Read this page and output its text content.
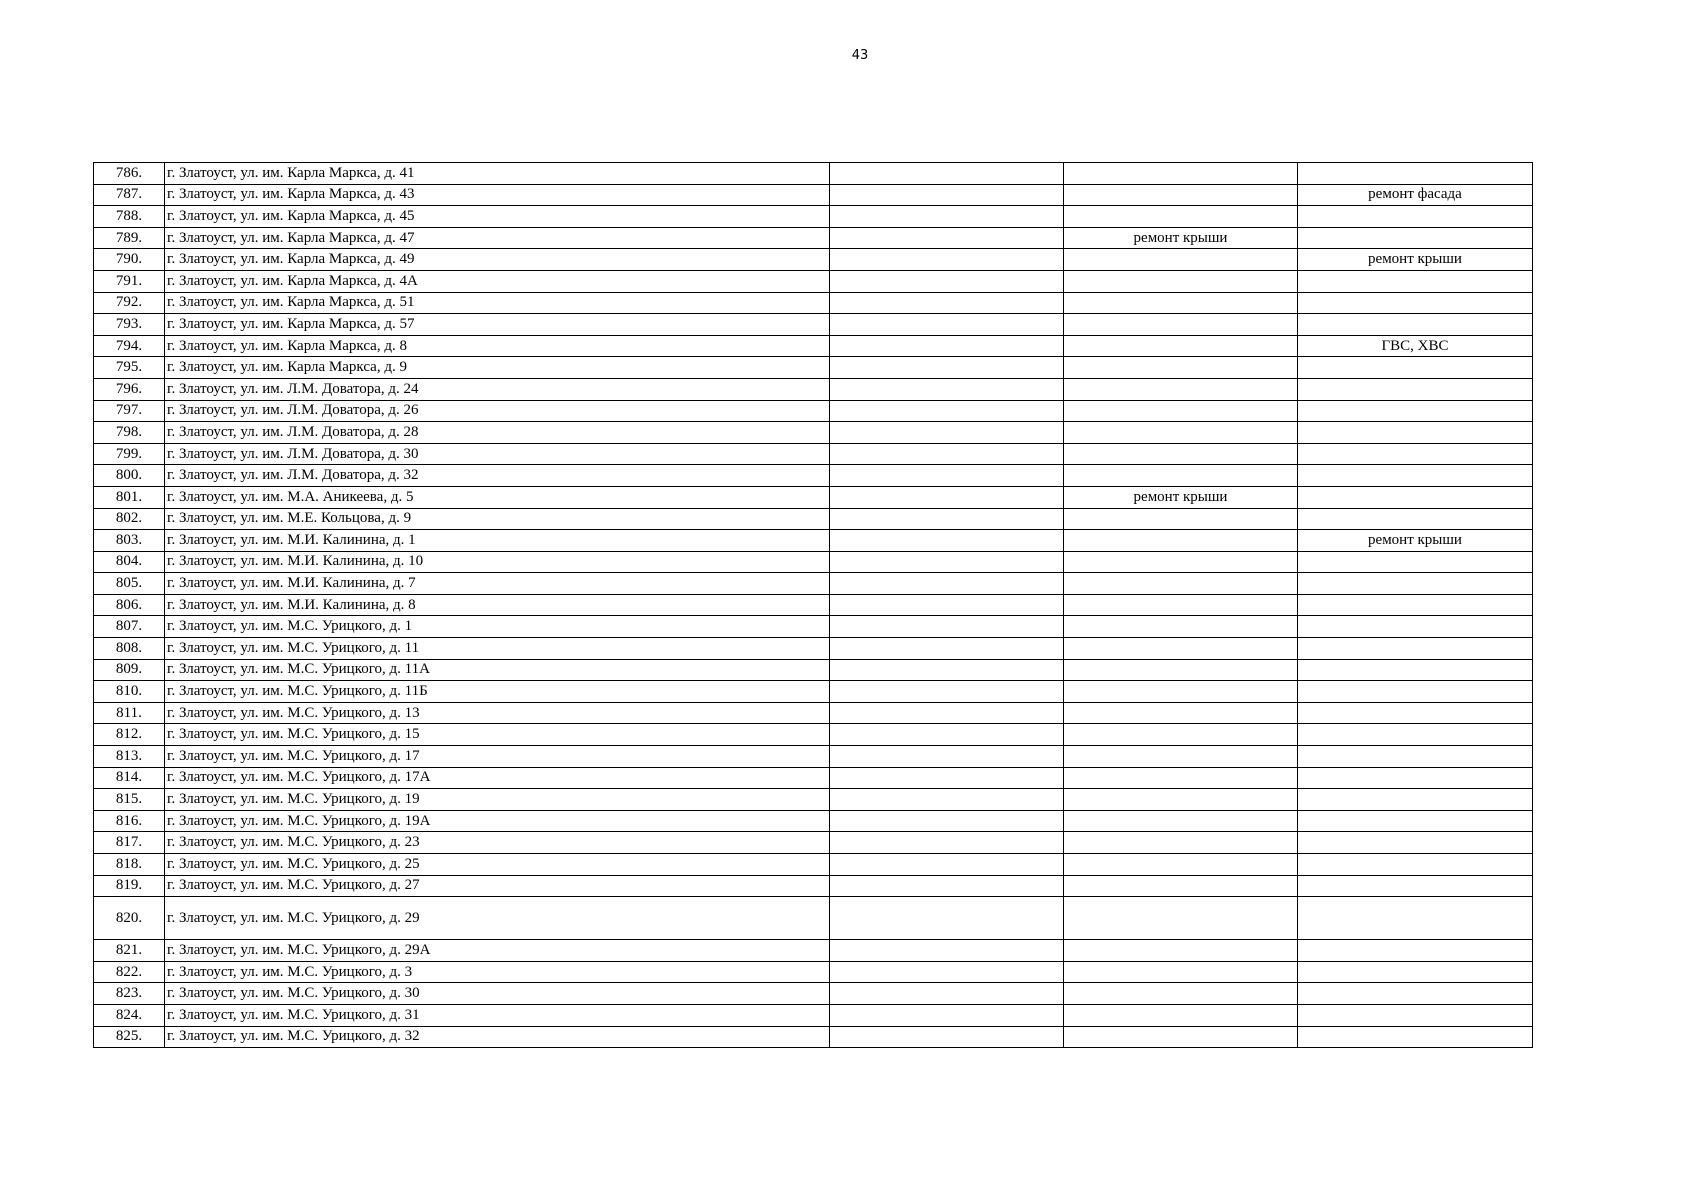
43
786.	г. Златоуст, ул. им. Карла Маркса, д. 41			
787.	г. Златоуст, ул. им. Карла Маркса, д. 43			ремонт фасада
788.	г. Златоуст, ул. им. Карла Маркса, д. 45			
789.	г. Златоуст, ул. им. Карла Маркса, д. 47		ремонт крыши	
790.	г. Златоуст, ул. им. Карла Маркса, д. 49			ремонт крыши
791.	г. Златоуст, ул. им. Карла Маркса, д. 4А			
792.	г. Златоуст, ул. им. Карла Маркса, д. 51			
793.	г. Златоуст, ул. им. Карла Маркса, д. 57			
794.	г. Златоуст, ул. им. Карла Маркса, д. 8			ГВС, ХВС
795.	г. Златоуст, ул. им. Карла Маркса, д. 9			
796.	г. Златоуст, ул. им. Л.М. Доватора, д. 24			
797.	г. Златоуст, ул. им. Л.М. Доватора, д. 26			
798.	г. Златоуст, ул. им. Л.М. Доватора, д. 28			
799.	г. Златоуст, ул. им. Л.М. Доватора, д. 30			
800.	г. Златоуст, ул. им. Л.М. Доватора, д. 32			
801.	г. Златоуст, ул. им. М.А. Аникеева, д. 5		ремонт крыши	
802.	г. Златоуст, ул. им. М.Е. Кольцова, д. 9			
803.	г. Златоуст, ул. им. М.И. Калинина, д. 1			ремонт крыши
804.	г. Златоуст, ул. им. М.И. Калинина, д. 10			
805.	г. Златоуст, ул. им. М.И. Калинина, д. 7			
806.	г. Златоуст, ул. им. М.И. Калинина, д. 8			
807.	г. Златоуст, ул. им. М.С. Урицкого, д. 1			
808.	г. Златоуст, ул. им. М.С. Урицкого, д. 11			
809.	г. Златоуст, ул. им. М.С. Урицкого, д. 11А			
810.	г. Златоуст, ул. им. М.С. Урицкого, д. 11Б			
811.	г. Златоуст, ул. им. М.С. Урицкого, д. 13			
812.	г. Златоуст, ул. им. М.С. Урицкого, д. 15			
813.	г. Златоуст, ул. им. М.С. Урицкого, д. 17			
814.	г. Златоуст, ул. им. М.С. Урицкого, д. 17А			
815.	г. Златоуст, ул. им. М.С. Урицкого, д. 19			
816.	г. Златоуст, ул. им. М.С. Урицкого, д. 19А			
817.	г. Златоуст, ул. им. М.С. Урицкого, д. 23			
818.	г. Златоуст, ул. им. М.С. Урицкого, д. 25			
819.	г. Златоуст, ул. им. М.С. Урицкого, д. 27			
820.	г. Златоуст, ул. им. М.С. Урицкого, д. 29			
821.	г. Златоуст, ул. им. М.С. Урицкого, д. 29А			
822.	г. Златоуст, ул. им. М.С. Урицкого, д. 3			
823.	г. Златоуст, ул. им. М.С. Урицкого, д. 30			
824.	г. Златоуст, ул. им. М.С. Урицкого, д. 31			
825.	г. Златоуст, ул. им. М.С. Урицкого, д. 32			
